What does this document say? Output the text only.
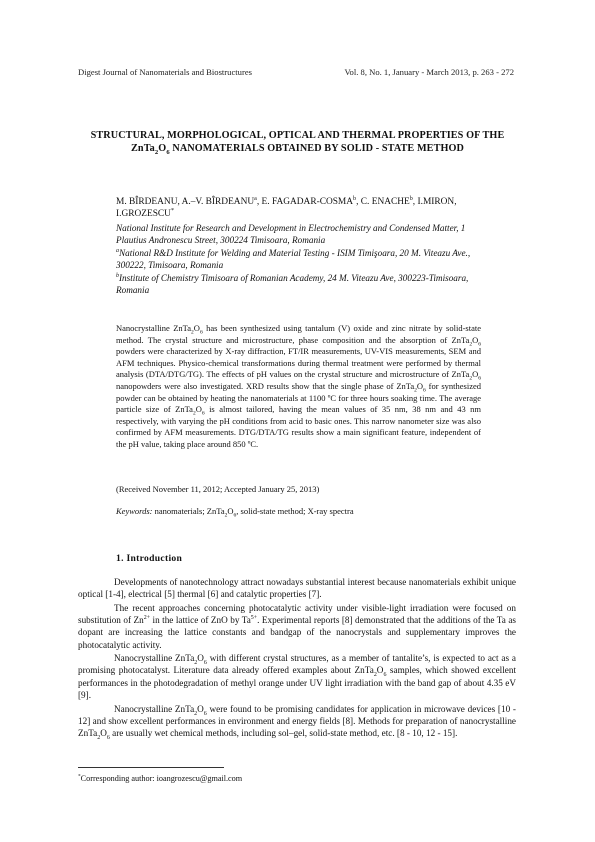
Digest Journal of Nanomaterials and Biostructures	Vol. 8, No. 1, January - March 2013, p. 263 - 272
STRUCTURAL, MORPHOLOGICAL, OPTICAL AND THERMAL PROPERTIES OF THE $ZnTa_2O_6$ NANOMATERIALS OBTAINED BY SOLID - STATE METHOD
M. BÎRDEANU, A.–V. BÎRDEANU$^a$, E. FAGADAR-COSMA$^b$, C. ENACHE$^b$, I.MIRON, I.GROZESCU*
National Institute for Research and Development in Electrochemistry and Condensed Matter, 1 Plautius Andronescu Street, 300224 Timisoara, Romania
$^a$National R&D Institute for Welding and Material Testing - ISIM Timişoara, 20 M. Viteazu Ave., 300222, Timisoara, Romania
$^b$Institute of Chemistry Timisoara of Romanian Academy, 24 M. Viteazu Ave, 300223-Timisoara, Romania
Nanocrystalline $ZnTa_2O_6$ has been synthesized using tantalum (V) oxide and zinc nitrate by solid-state method. The crystal structure and microstructure, phase composition and the absorption of $ZnTa_2O_6$ powders were characterized by X-ray diffraction, FT/IR measurements, UV-VIS measurements, SEM and AFM techniques. Physico-chemical transformations during thermal treatment were performed by thermal analysis (DTA/DTG/TG). The effects of pH values on the crystal structure and microstructure of $ZnTa_2O_6$ nanopowders were also investigated. XRD results show that the single phase of $ZnTa_2O_6$ for synthesized powder can be obtained by heating the nanomaterials at 1100 ºC for three hours soaking time. The average particle size of $ZnTa_2O_6$ is almost tailored, having the mean values of 35 nm, 38 nm and 43 nm respectively, with varying the pH conditions from acid to basic ones. This narrow nanometer size was also confirmed by AFM measurements. DTG/DTA/TG results show a main significant feature, independent of the pH value, taking place around 850 ºC.
(Received November 11, 2012; Accepted January 25, 2013)
Keywords: nanomaterials; $ZnTa_2O_6$, solid-state method; X-ray spectra
1. Introduction

Developments of nanotechnology attract nowadays substantial interest because nanomaterials exhibit unique optical [1-4], electrical [5] thermal [6] and catalytic properties [7].

The recent approaches concerning photocatalytic activity under visible-light irradiation were focused on substitution of $Zn^{2+}$ in the lattice of ZnO by $Ta^{5+}$. Experimental reports [8] demonstrated that the additions of the Ta as dopant are increasing the lattice constants and bandgap of the nanocrystals and supplementary improves the photocatalytic activity.

Nanocrystalline $ZnTa_2O_6$ with different crystal structures, as a member of tantalite’s, is expected to act as a promising photocatalyst. Literature data already offered examples about $ZnTa_2O_6$ samples, which showed excellent performances in the photodegradation of methyl orange under UV light irradiation with the band gap of about 4.35 eV [9].

Nanocrystalline $ZnTa_2O_6$ were found to be promising candidates for application in microwave devices [10 - 12] and show excellent performances in environment and energy fields [8]. Methods for preparation of nanocrystalline $ZnTa_2O_6$ are usually wet chemical methods, including sol–gel, solid-state method, etc. [8 - 10, 12 - 15].

*Corresponding author: ioangrozescu@gmail.com
